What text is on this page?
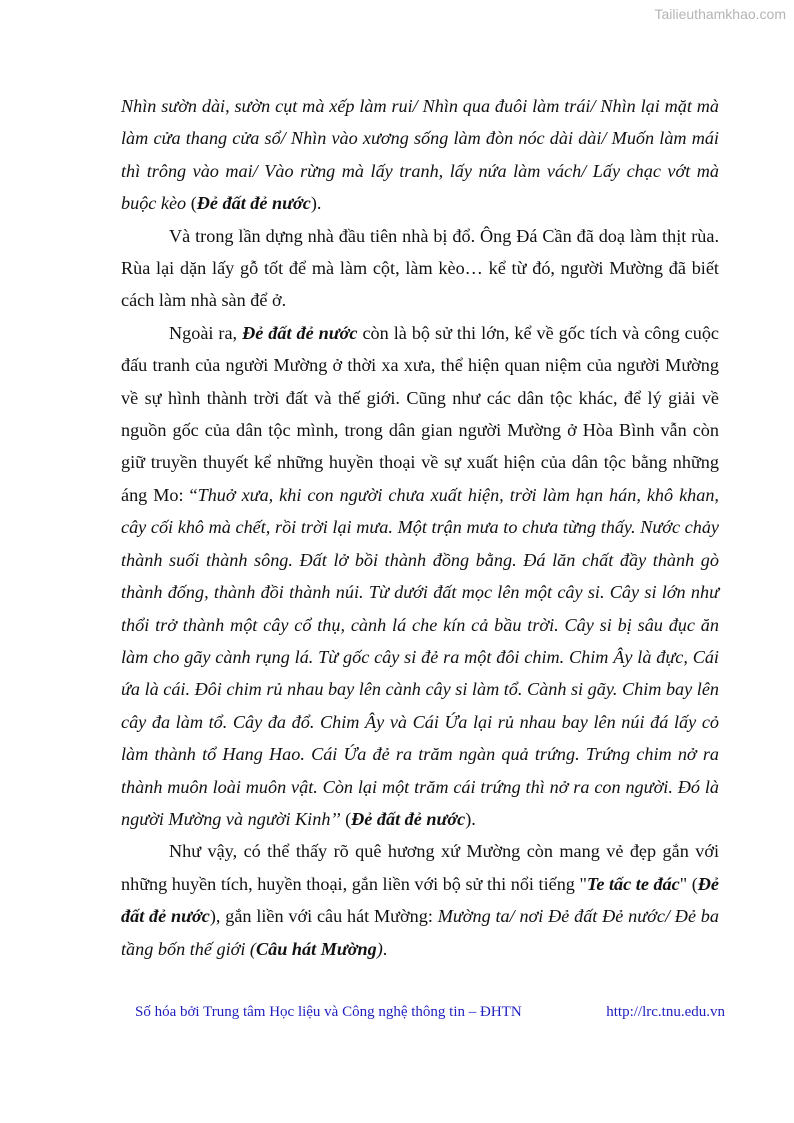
Tailieuthamkhao.com

Nhìn sườn dài, sườn cụt mà xếp làm rui/ Nhìn qua đuôi làm trái/ Nhìn lại mặt mà làm cửa thang cửa sổ/ Nhìn vào xương sống làm đòn nóc dài dài/ Muốn làm mái thì trông vào mai/ Vào rừng mà lấy tranh, lấy nứa làm vách/ Lấy chạc vớt mà buộc kèo (Đẻ đất đẻ nước).

Và trong lần dựng nhà đầu tiên nhà bị đổ. Ông Đá Cần đã doạ làm thịt rùa. Rùa lại dặn lấy gỗ tốt để mà làm cột, làm kèo… kể từ đó, người Mường đã biết cách làm nhà sàn để ở.

Ngoài ra, Đẻ đất đẻ nước còn là bộ sử thi lớn, kể về gốc tích và công cuộc đấu tranh của người Mường ở thời xa xưa, thể hiện quan niệm của người Mường về sự hình thành trời đất và thế giới. Cũng như các dân tộc khác, để lý giải về nguồn gốc của dân tộc mình, trong dân gian người Mường ở Hòa Bình vẫn còn giữ truyền thuyết kể những huyền thoại về sự xuất hiện của dân tộc bằng những áng Mo: “Thuở xưa, khi con người chưa xuất hiện, trời làm hạn hán, khô khan, cây cối khô mà chết, rồi trời lại mưa. Một trận mưa to chưa từng thấy. Nước chảy thành suối thành sông. Đất lở bồi thành đồng bằng. Đá lăn chất đầy thành gò thành đống, thành đồi thành núi. Từ dưới đất mọc lên một cây si. Cây si lớn như thổi trở thành một cây cổ thụ, cành lá che kín cả bầu trời. Cây si bị sâu đục ăn làm cho gãy cành rụng lá. Từ gốc cây si đẻ ra một đôi chim. Chim Ây là đực, Cái ứa là cái. Đôi chim rủ nhau bay lên cành cây si làm tổ. Cành si gãy. Chim bay lên cây đa làm tổ. Cây đa đổ. Chim Ây và Cái Ứa lại rủ nhau bay lên núi đá lấy cỏ làm thành tổ Hang Hao. Cái Ứa đẻ ra trăm ngàn quả trứng. Trứng chim nở ra thành muôn loài muôn vật. Còn lại một trăm cái trứng thì nở ra con người. Đó là người Mường và người Kinh’’ (Đẻ đất đẻ nước).

Như vậy, có thể thấy rõ quê hương xứ Mường còn mang vẻ đẹp gắn với những huyền tích, huyền thoại, gắn liền với bộ sử thi nổi tiếng "Te tấc te đác" (Đẻ đất đẻ nước), gắn liền với câu hát Mường: Mường ta/ nơi Đẻ đất Đẻ nước/ Đẻ ba tầng bốn thế giới (Câu hát Mường).

Số hóa bởi Trung tâm Học liệu và Công nghệ thông tin – ĐHTN	http://lrc.tnu.edu.vn
